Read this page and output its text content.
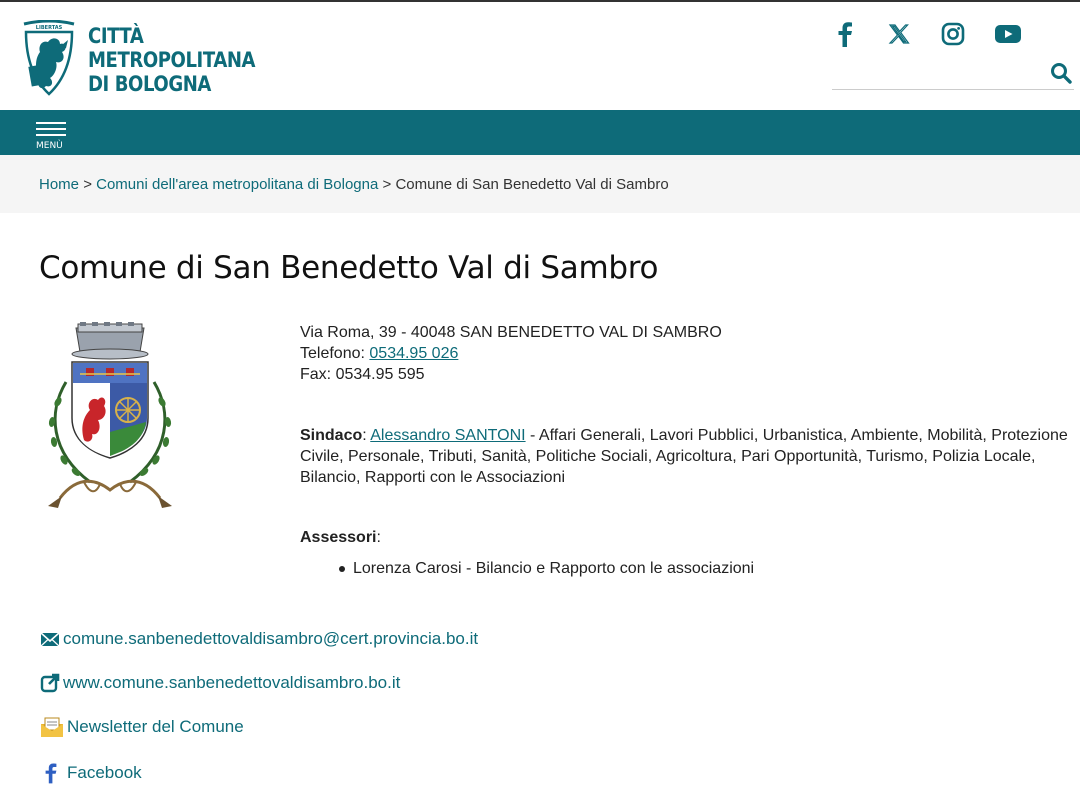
LIBERTAS CITTÀ
METROPOLITANA
DI BOLOGNA
MENÙ
Home > Comuni dell'area metropolitana di Bologna > Comune di San Benedetto Val di Sambro
Comune di San Benedetto Val di Sambro
Via Roma, 39 - 40048 SAN BENEDETTO VAL DI SAMBRO
Telefono: 0534.95 026
Fax: 0534.95 595
Sindaco: Alessandro SANTONI - Affari Generali, Lavori Pubblici, Urbanistica, Ambiente, Mobilità, Protezione Civile, Personale, Tributi, Sanità, Politiche Sociali, Agricoltura, Pari Opportunità, Turismo, Polizia Locale, Bilancio, Rapporti con le Associazioni
Assessori:
Lorenza Carosi - Bilancio e Rapporto con le associazioni
comune.sanbenedettovaldisambro@cert.provincia.bo.it
www.comune.sanbenedettovaldisambro.bo.it
Newsletter del Comune
Facebook
